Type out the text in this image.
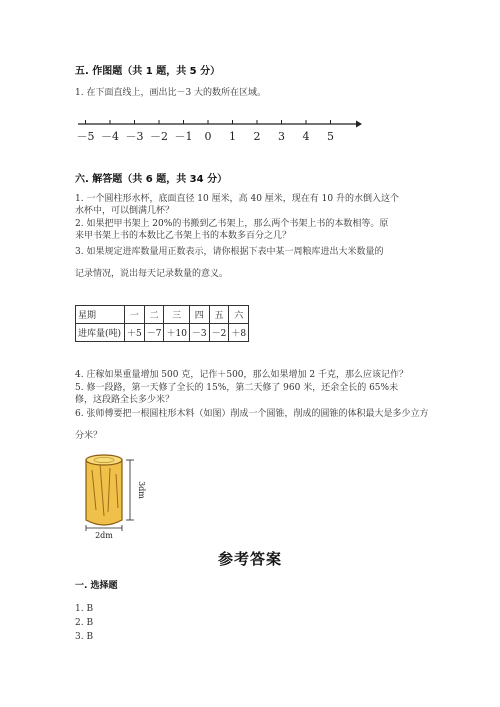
五. 作图题（共 1 题，共 5 分）
1. 在下面直线上，画出比－3 大的数所在区域。
－5 －4 －3 －2 －1 0 1 2 3 4 5
六. 解答题（共 6 题，共 34 分）
1. 一个圆柱形水杯，底面直径 10 厘米，高 40 厘米，现在有 10 升的水倒入这个
水杯中，可以倒满几杯？
2. 如果把甲书架上 20%的书搬到乙书架上，那么两个书架上书的本数相等。原
来甲书架上书的本数比乙书架上书的本数多百分之几？
3. 如果规定进库数量用正数表示，请你根据下表中某一周粮库进出大米数量的
记录情况，说出每天记录数量的意义。
星期	一	二	三	四	五	六
进库量(吨)	＋5	－7	＋10	－3	－2	＋8
4. 庄稼如果重量增加 500 克，记作＋500，那么如果增加 2 千克，那么应该记作？
5. 修一段路，第一天修了全长的 15%，第二天修了 960 米，还余全长的 65%未
修，这段路全长多少米？
6. 张师傅要把一根圆柱形木料（如图）削成一个圆锥，削成的圆锥的体积最大是多少立方
分米？
3dm
2dm
参考答案
一. 选择题
1. B
2. B
3. B
